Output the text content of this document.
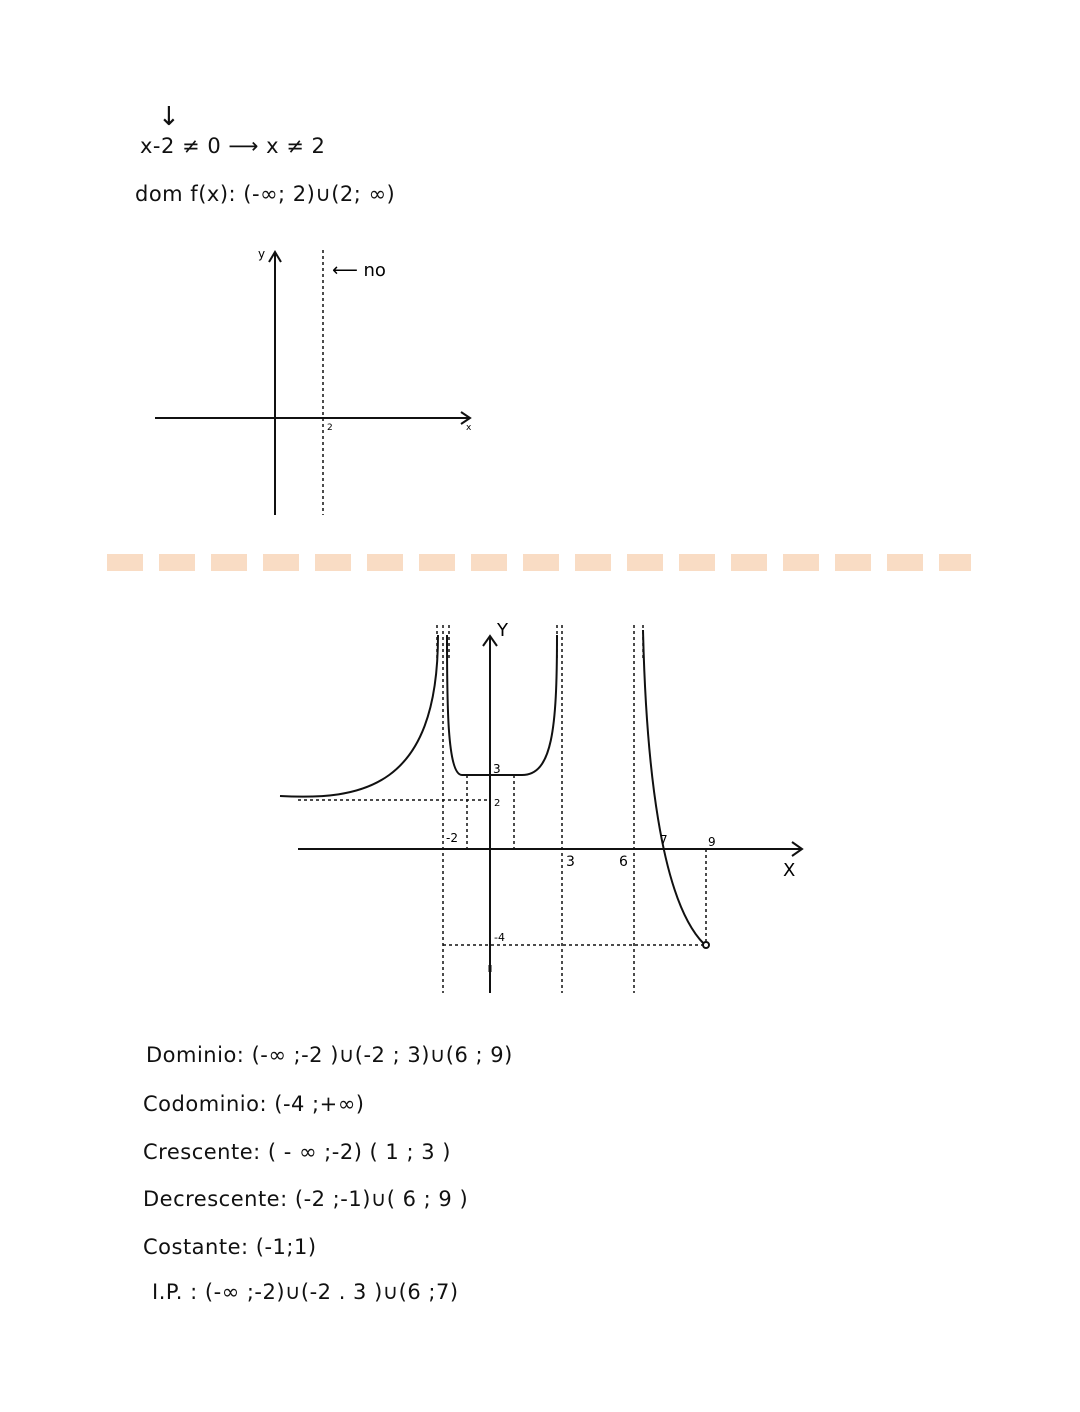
↓
x-2 ≠ 0 ⟶ x ≠ 2
dom f(x): (-∞; 2)∪(2; ∞)
y
x
2
⟵ no
Y
X
-2
3	6
7	9
3
2
-4
Dominio: (-∞ ;-2 )∪(-2 ; 3)∪(6 ; 9)
Codominio: (-4 ;+∞)
Crescente: ( - ∞ ;-2) ( 1 ; 3 )
Decrescente: (-2 ;-1)∪( 6 ; 9 )
Costante: (-1;1)
I.P. : (-∞ ;-2)∪(-2 . 3 )∪(6 ;7)
